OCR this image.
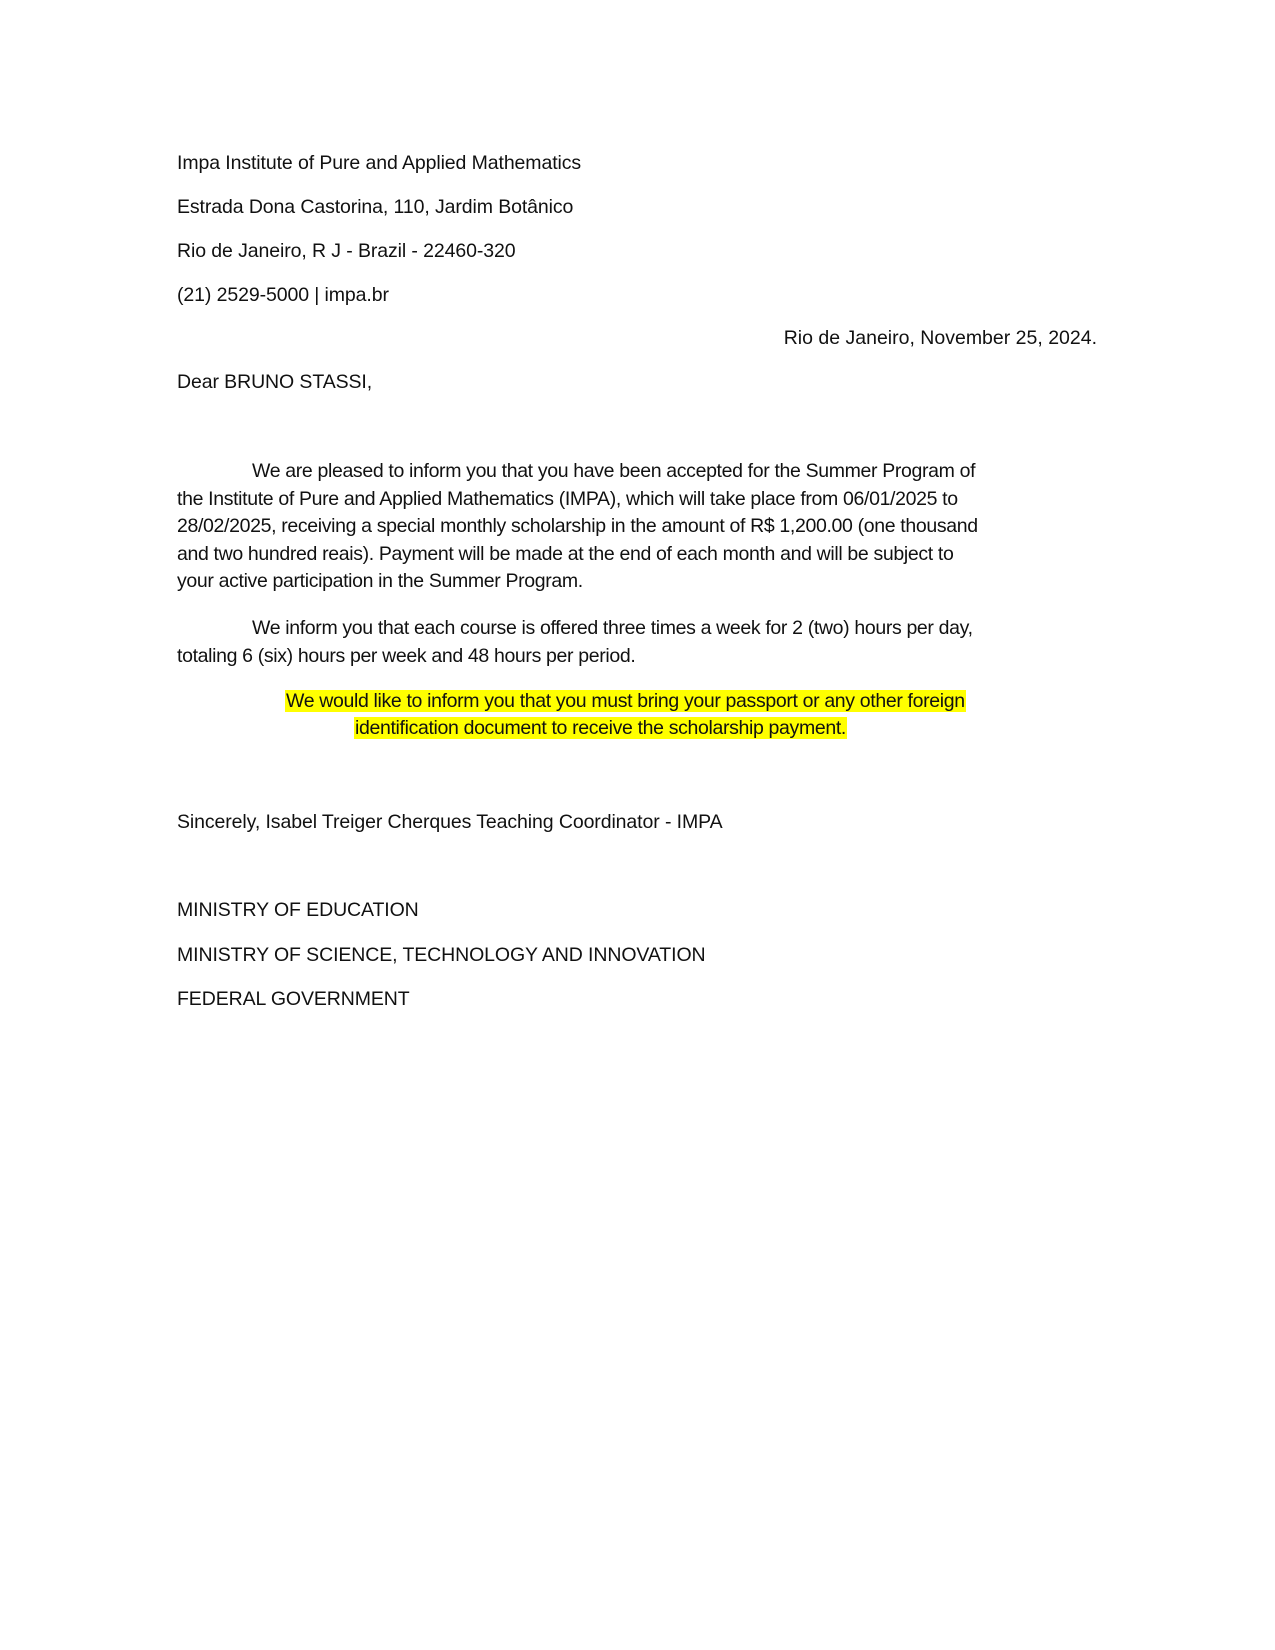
Impa Institute of Pure and Applied Mathematics
Estrada Dona Castorina, 110, Jardim Botânico
Rio de Janeiro, R J - Brazil - 22460-320
(21) 2529-5000 | impa.br
Rio de Janeiro, November 25, 2024.
Dear BRUNO STASSI,
We are pleased to inform you that you have been accepted for the Summer Program of
the Institute of Pure and Applied Mathematics (IMPA), which will take place from 06/01/2025 to
28/02/2025, receiving a special monthly scholarship in the amount of R$ 1,200.00 (one thousand
and two hundred reais). Payment will be made at the end of each month and will be subject to
your active participation in the Summer Program.
We inform you that each course is offered three times a week for 2 (two) hours per day,
totaling 6 (six) hours per week and 48 hours per period.
We would like to inform you that you must bring your passport or any other foreign
identification document to receive the scholarship payment.
Sincerely, Isabel Treiger Cherques Teaching Coordinator - IMPA
MINISTRY OF EDUCATION
MINISTRY OF SCIENCE, TECHNOLOGY AND INNOVATION
FEDERAL GOVERNMENT
